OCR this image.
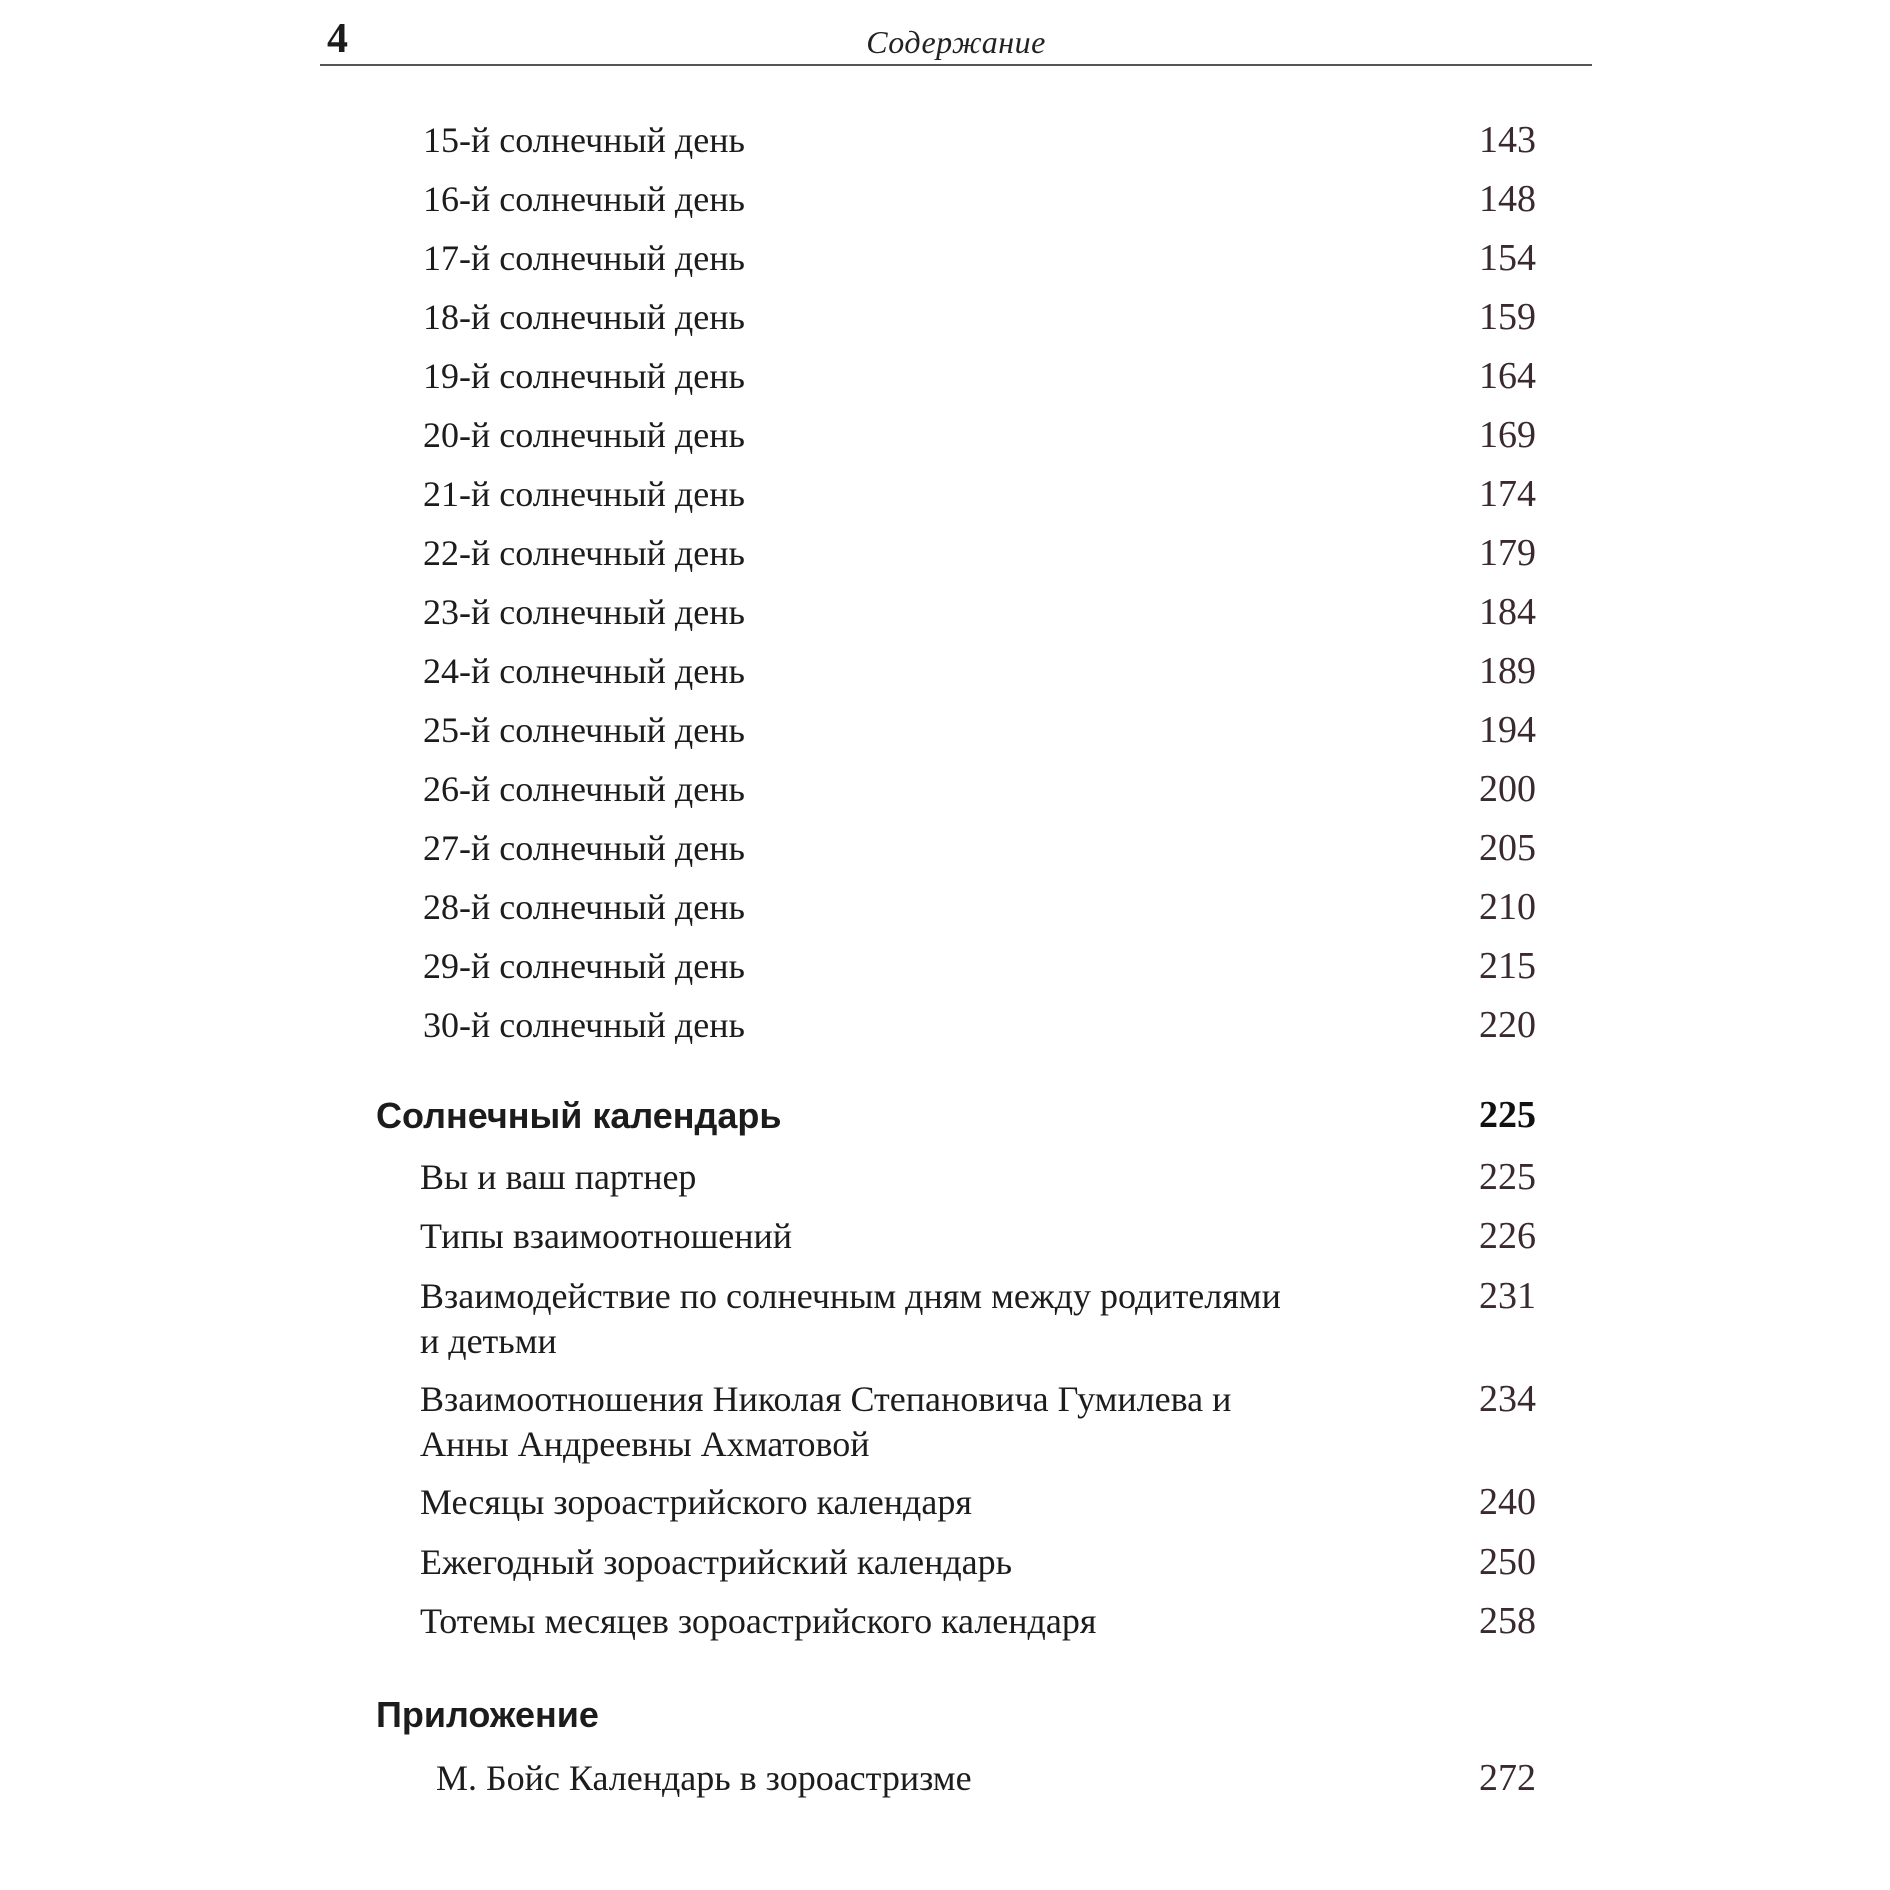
4	Содержание
15-й солнечный день	143
16-й солнечный день	148
17-й солнечный день	154
18-й солнечный день	159
19-й солнечный день	164
20-й солнечный день	169
21-й солнечный день	174
22-й солнечный день	179
23-й солнечный день	184
24-й солнечный день	189
25-й солнечный день	194
26-й солнечный день	200
27-й солнечный день	205
28-й солнечный день	210
29-й солнечный день	215
30-й солнечный день	220
Солнечный календарь	225
Вы и ваш партнер	225
Типы взаимоотношений	226
Взаимодействие по солнечным дням между родителями	231
и детьми
Взаимоотношения Николая Степановича Гумилева и	234
Анны Андреевны Ахматовой
Месяцы зороастрийского календаря	240
Ежегодный зороастрийский календарь	250
Тотемы месяцев зороастрийского календаря	258
Приложение
М. Бойс Календарь в зороастризме	272
